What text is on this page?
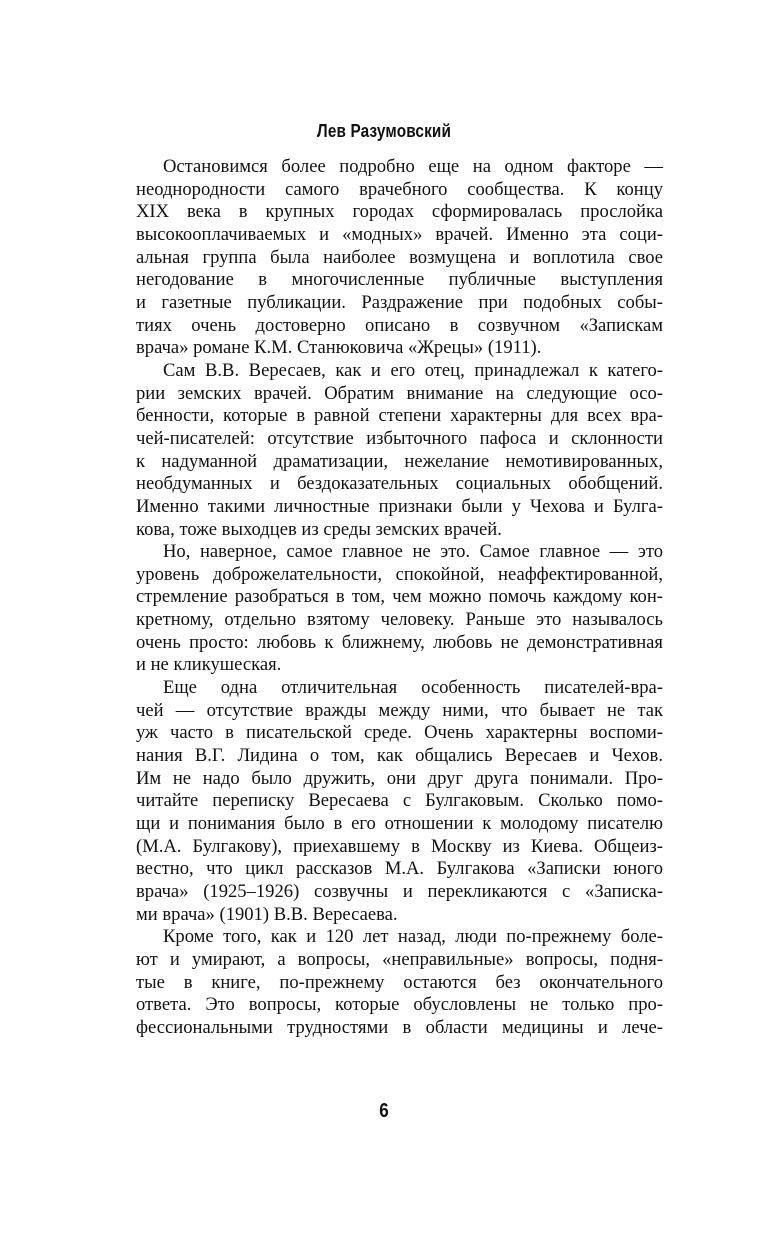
Лев Разумовский

Остановимся более подробно еще на одном факторе —
неоднородности самого врачебного сообщества. К концу
XIX века в крупных городах сформировалась прослойка
высокооплачиваемых и «модных» врачей. Именно эта соци-
альная группа была наиболее возмущена и воплотила свое
негодование в многочисленные публичные выступления
и газетные публикации. Раздражение при подобных собы-
тиях очень достоверно описано в созвучном «Запискам
врача» романе К.М. Станюковича «Жрецы» (1911).

Сам В.В. Вересаев, как и его отец, принадлежал к катего-
рии земских врачей. Обратим внимание на следующие осо-
бенности, которые в равной степени характерны для всех вра-
чей-писателей: отсутствие избыточного пафоса и склонности
к надуманной драматизации, нежелание немотивированных,
необдуманных и бездоказательных социальных обобщений.
Именно такими личностные признаки были у Чехова и Булга-
кова, тоже выходцев из среды земских врачей.

Но, наверное, самое главное не это. Самое главное — это
уровень доброжелательности, спокойной, неаффектированной,
стремление разобраться в том, чем можно помочь каждому кон-
кретному, отдельно взятому человеку. Раньше это называлось
очень просто: любовь к ближнему, любовь не демонстративная
и не кликушеская.

Еще одна отличительная особенность писателей-вра-
чей — отсутствие вражды между ними, что бывает не так
уж часто в писательской среде. Очень характерны воспоми-
нания В.Г. Лидина о том, как общались Вересаев и Чехов.
Им не надо было дружить, они друг друга понимали. Про-
читайте переписку Вересаева с Булгаковым. Сколько помо-
щи и понимания было в его отношении к молодому писателю
(М.А. Булгакову), приехавшему в Москву из Киева. Общеиз-
вестно, что цикл рассказов М.А. Булгакова «Записки юного
врача» (1925–1926) созвучны и перекликаются с «Записка-
ми врача» (1901) В.В. Вересаева.

Кроме того, как и 120 лет назад, люди по-прежнему боле-
ют и умирают, а вопросы, «неправильные» вопросы, подня-
тые в книге, по-прежнему остаются без окончательного
ответа. Это вопросы, которые обусловлены не только про-
фессиональными трудностями в области медицины и лече-

6
